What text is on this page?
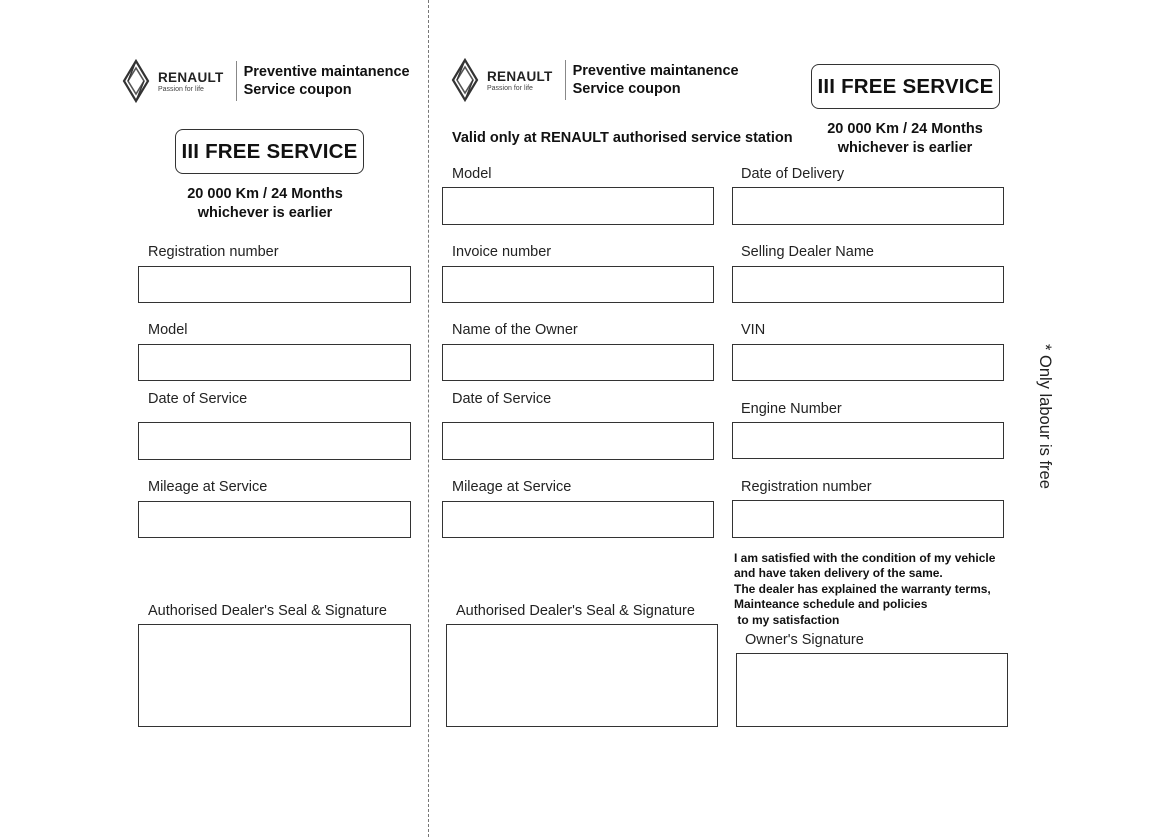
RENAULT
Passion for life
Preventive maintanence
Service coupon
III FREE SERVICE
20 000 Km / 24 Months
whichever is earlier
Registration number
Model
Date of Service
Mileage at Service
Authorised Dealer's Seal & Signature
RENAULT
Passion for life
Preventive maintanence
Service coupon	III FREE SERVICE
20 000 Km / 24 Months
whichever is earlier
Valid only at RENAULT authorised service station
Model
Invoice number
Name of the Owner
Date of Service
Mileage at Service
Authorised Dealer's Seal & Signature
Date of Delivery
Selling Dealer Name
VIN
Engine Number
Registration number
I am satisfied with the condition of my vehicle
and have taken delivery of the same.
The dealer has explained the warranty terms,
Mainteance schedule and policies
to my satisfaction
Owner's Signature
* Only labour is free
